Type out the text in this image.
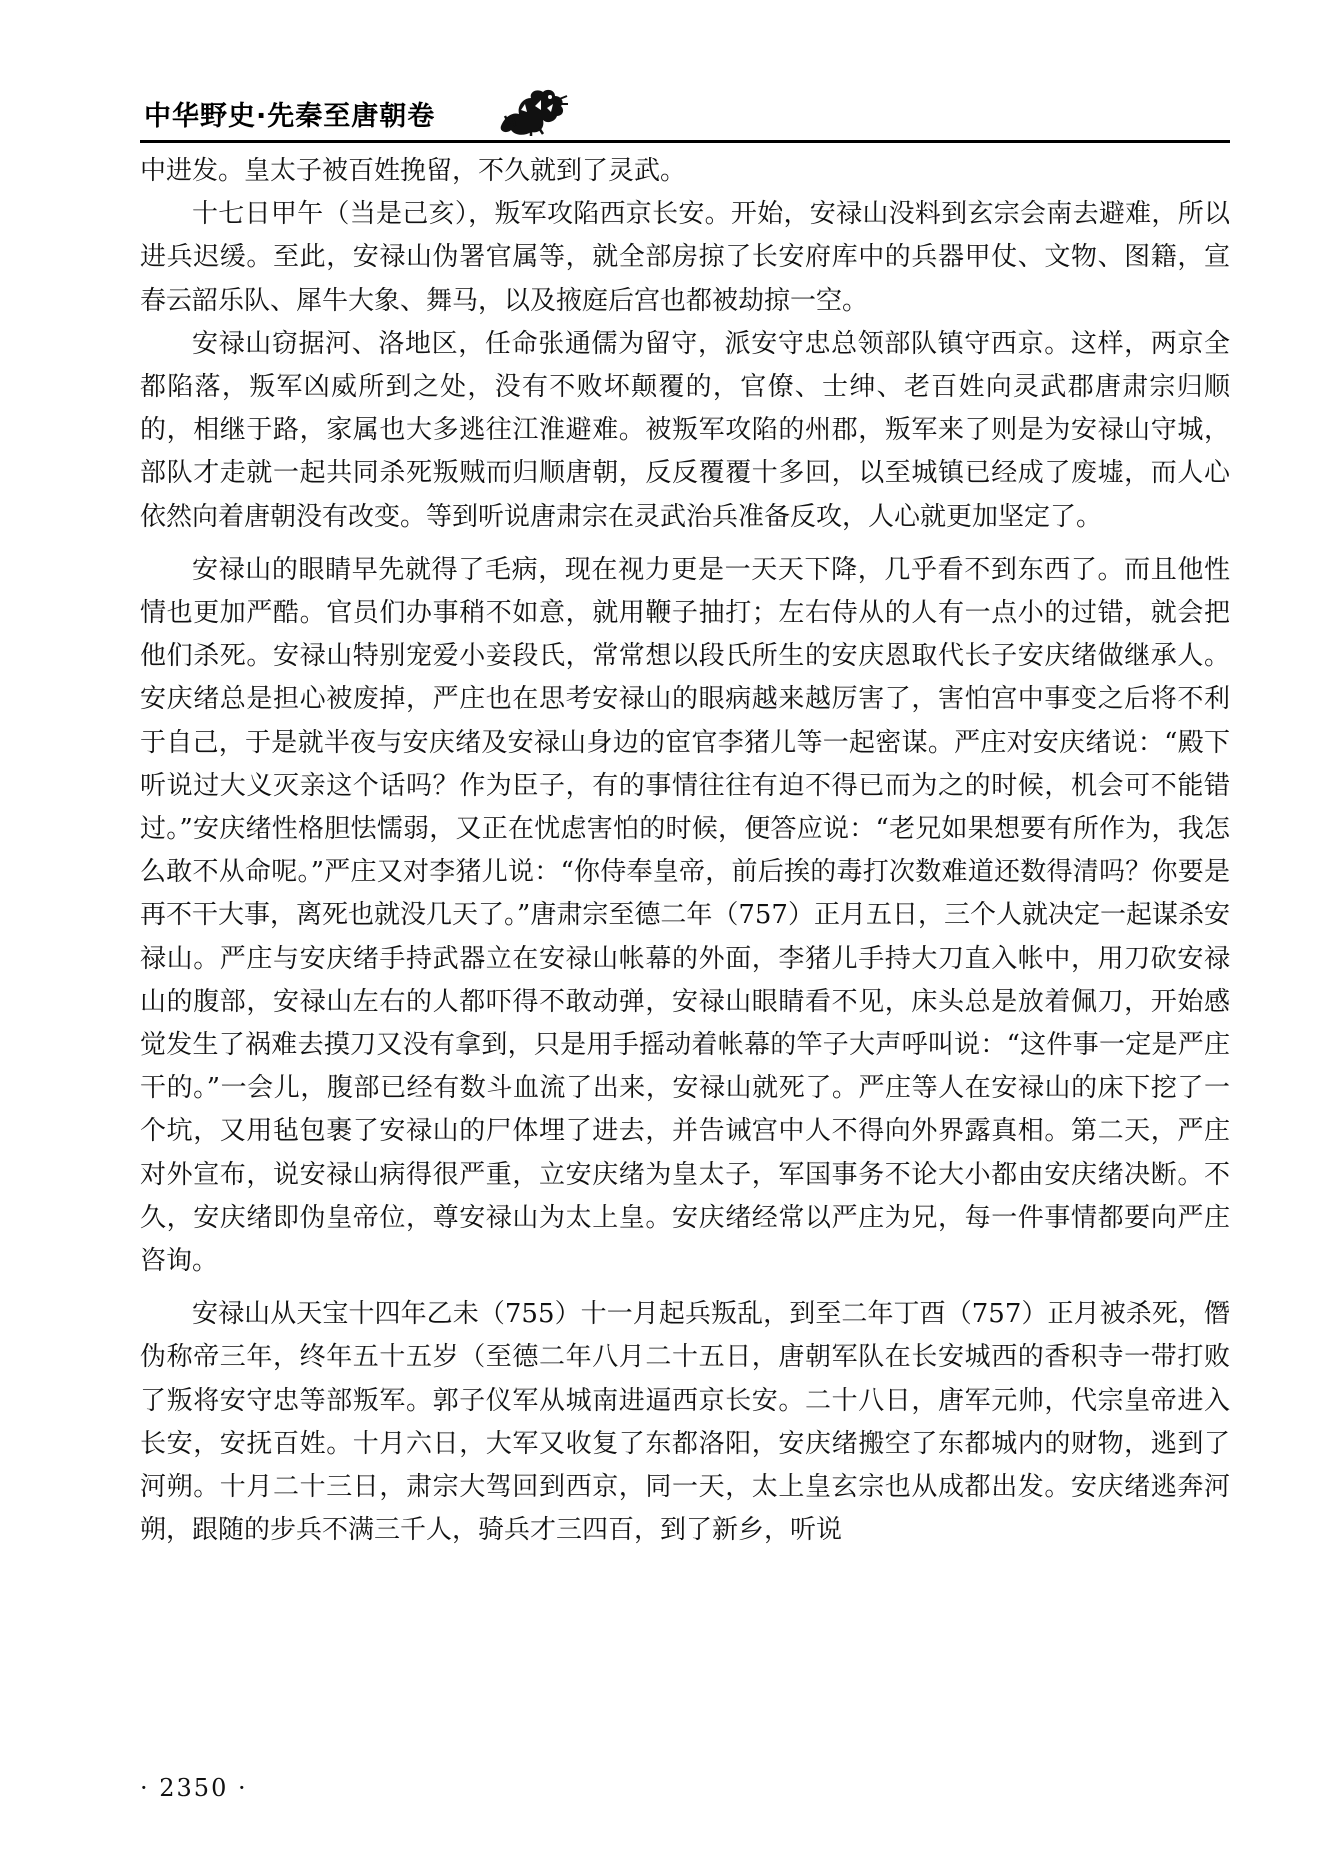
中华野史·先秦至唐朝卷

中进发。皇太子被百姓挽留，不久就到了灵武。

十七日甲午（当是己亥），叛军攻陷西京长安。开始，安禄山没料到玄宗会南去避难，所以进兵迟缓。至此，安禄山伪署官属等，就全部房掠了长安府库中的兵器甲仗、文物、图籍，宣春云韶乐队、犀牛大象、舞马，以及掖庭后宫也都被劫掠一空。

安禄山窃据河、洛地区，任命张通儒为留守，派安守忠总领部队镇守西京。这样，两京全都陷落，叛军凶威所到之处，没有不败坏颠覆的，官僚、士绅、老百姓向灵武郡唐肃宗归顺的，相继于路，家属也大多逃往江淮避难。被叛军攻陷的州郡，叛军来了则是为安禄山守城，部队才走就一起共同杀死叛贼而归顺唐朝，反反覆覆十多回，以至城镇已经成了废墟，而人心依然向着唐朝没有改变。等到听说唐肃宗在灵武治兵准备反攻，人心就更加坚定了。

安禄山的眼睛早先就得了毛病，现在视力更是一天天下降，几乎看不到东西了。而且他性情也更加严酷。官员们办事稍不如意，就用鞭子抽打；左右侍从的人有一点小的过错，就会把他们杀死。安禄山特别宠爱小妾段氏，常常想以段氏所生的安庆恩取代长子安庆绪做继承人。安庆绪总是担心被废掉，严庄也在思考安禄山的眼病越来越厉害了，害怕宫中事变之后将不利于自己，于是就半夜与安庆绪及安禄山身边的宦官李猪儿等一起密谋。严庄对安庆绪说：“殿下听说过大义灭亲这个话吗？作为臣子，有的事情往往有迫不得已而为之的时候，机会可不能错过。”安庆绪性格胆怯懦弱，又正在忧虑害怕的时候，便答应说：“老兄如果想要有所作为，我怎么敢不从命呢。”严庄又对李猪儿说：“你侍奉皇帝，前后挨的毒打次数难道还数得清吗？你要是再不干大事，离死也就没几天了。”唐肃宗至德二年（757）正月五日，三个人就决定一起谋杀安禄山。严庄与安庆绪手持武器立在安禄山帐幕的外面，李猪儿手持大刀直入帐中，用刀砍安禄山的腹部，安禄山左右的人都吓得不敢动弹，安禄山眼睛看不见，床头总是放着佩刀，开始感觉发生了祸难去摸刀又没有拿到，只是用手摇动着帐幕的竿子大声呼叫说：“这件事一定是严庄干的。”一会儿，腹部已经有数斗血流了出来，安禄山就死了。严庄等人在安禄山的床下挖了一个坑，又用毡包裹了安禄山的尸体埋了进去，并告诫宫中人不得向外界露真相。第二天，严庄对外宣布，说安禄山病得很严重，立安庆绪为皇太子，军国事务不论大小都由安庆绪决断。不久，安庆绪即伪皇帝位，尊安禄山为太上皇。安庆绪经常以严庄为兄，每一件事情都要向严庄咨询。

安禄山从天宝十四年乙未（755）十一月起兵叛乱，到至二年丁酉（757）正月被杀死，僭伪称帝三年，终年五十五岁（至德二年八月二十五日，唐朝军队在长安城西的香积寺一带打败了叛将安守忠等部叛军。郭子仪军从城南进逼西京长安。二十八日，唐军元帅，代宗皇帝进入长安，安抚百姓。十月六日，大军又收复了东都洛阳，安庆绪搬空了东都城内的财物，逃到了河朔。十月二十三日，肃宗大驾回到西京，同一天，太上皇玄宗也从成都出发。安庆绪逃奔河朔，跟随的步兵不满三千人，骑兵才三四百，到了新乡，听说

· 2350 ·
